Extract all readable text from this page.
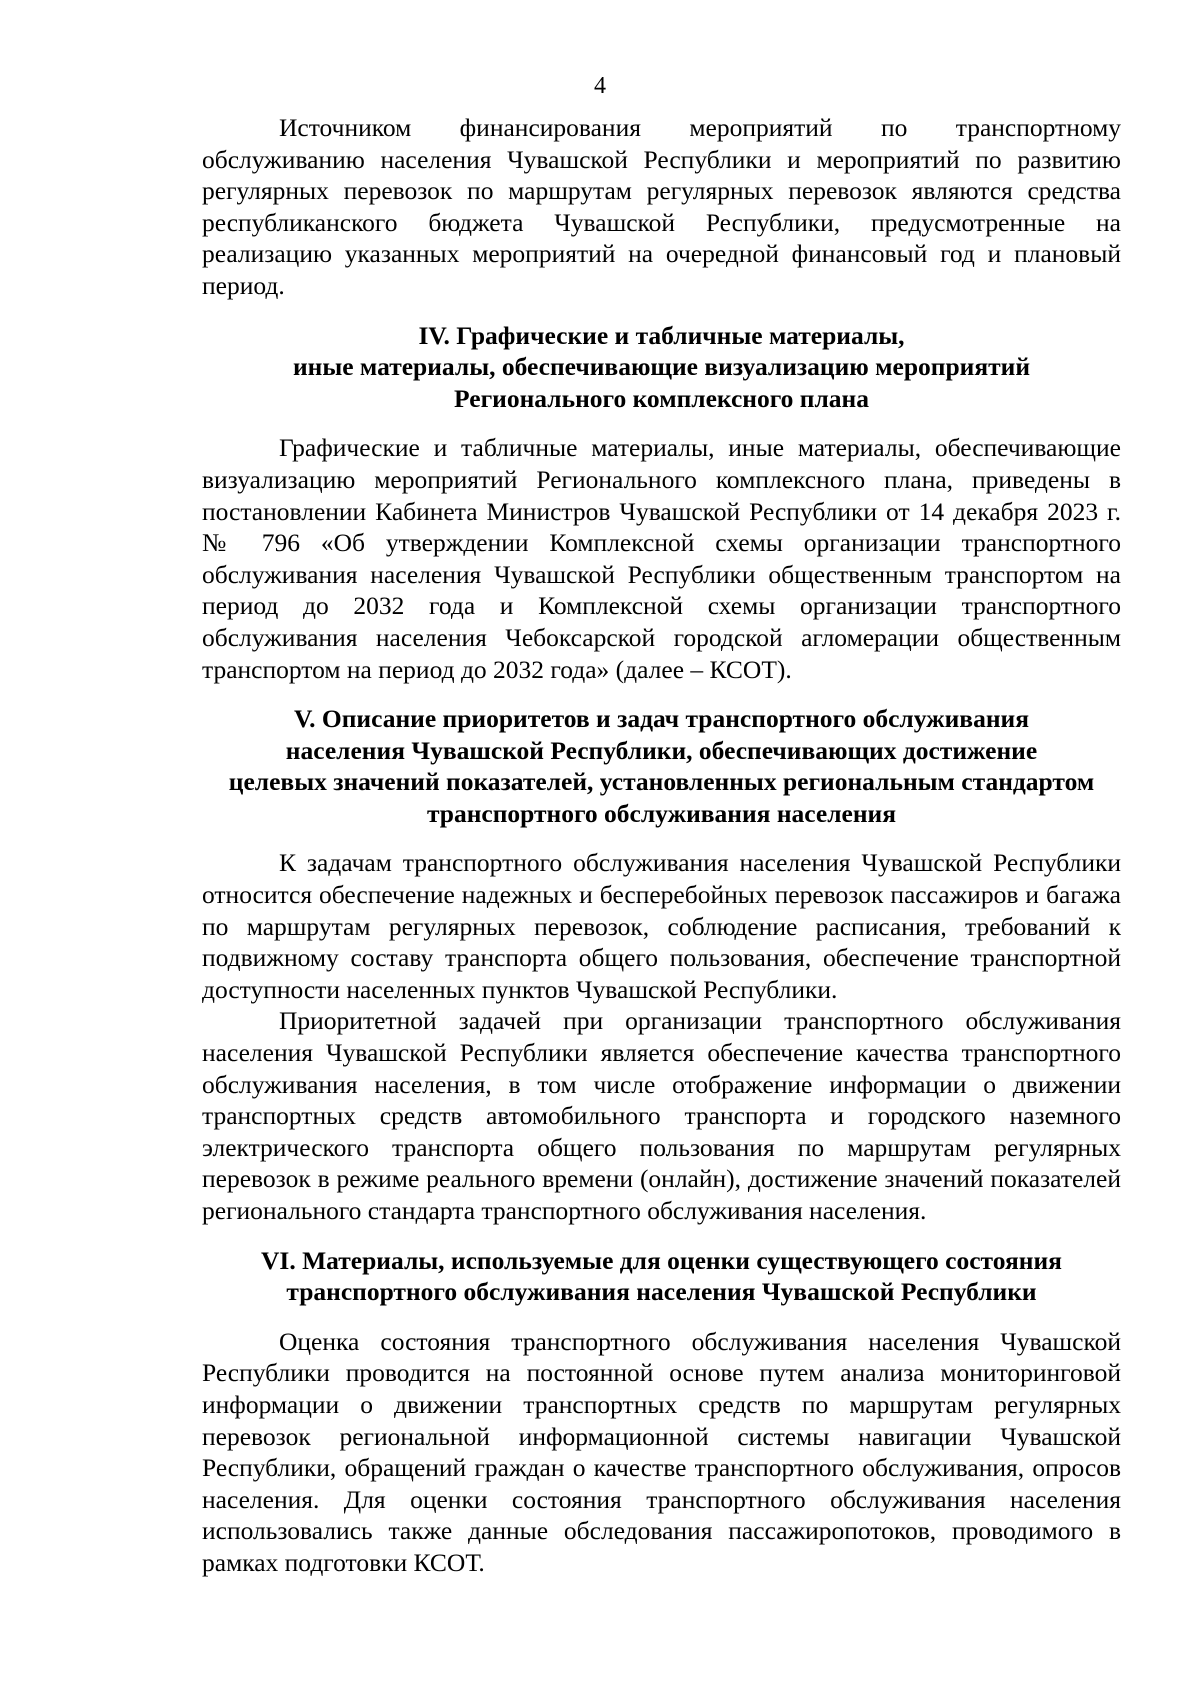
4

Источником финансирования мероприятий по транспортному обслуживанию населения Чувашской Республики и мероприятий по развитию регулярных перевозок по маршрутам регулярных перевозок являются средства республиканского бюджета Чувашской Республики, предусмотренные на реализацию указанных мероприятий на очередной финансовый год и плановый период.

IV. Графические и табличные материалы,
иные материалы, обеспечивающие визуализацию мероприятий
Регионального комплексного плана

Графические и табличные материалы, иные материалы, обеспечивающие визуализацию мероприятий Регионального комплексного плана, приведены в постановлении Кабинета Министров Чувашской Республики от 14 декабря 2023 г. № 796 «Об утверждении Комплексной схемы организации транспортного обслуживания населения Чувашской Республики общественным транспортом на период до 2032 года и Комплексной схемы организации транспортного обслуживания населения Чебоксарской городской агломерации общественным транспортом на период до 2032 года» (далее – КСОТ).

V. Описание приоритетов и задач транспортного обслуживания
населения Чувашской Республики, обеспечивающих достижение
целевых значений показателей, установленных региональным стандартом
транспортного обслуживания населения

К задачам транспортного обслуживания населения Чувашской Республики относится обеспечение надежных и бесперебойных перевозок пассажиров и багажа по маршрутам регулярных перевозок, соблюдение расписания, требований к подвижному составу транспорта общего пользования, обеспечение транспортной доступности населенных пунктов Чувашской Республики.

Приоритетной задачей при организации транспортного обслуживания населения Чувашской Республики является обеспечение качества транспортного обслуживания населения, в том числе отображение информации о движении транспортных средств автомобильного транспорта и городского наземного электрического транспорта общего пользования по маршрутам регулярных перевозок в режиме реального времени (онлайн), достижение значений показателей регионального стандарта транспортного обслуживания населения.

VI. Материалы, используемые для оценки существующего состояния
транспортного обслуживания населения Чувашской Республики

Оценка состояния транспортного обслуживания населения Чувашской Республики проводится на постоянной основе путем анализа мониторинговой информации о движении транспортных средств по маршрутам регулярных перевозок региональной информационной системы навигации Чувашской Республики, обращений граждан о качестве транспортного обслуживания, опросов населения. Для оценки состояния транспортного обслуживания населения использовались также данные обследования пассажиропотоков, проводимого в рамках подготовки КСОТ.
